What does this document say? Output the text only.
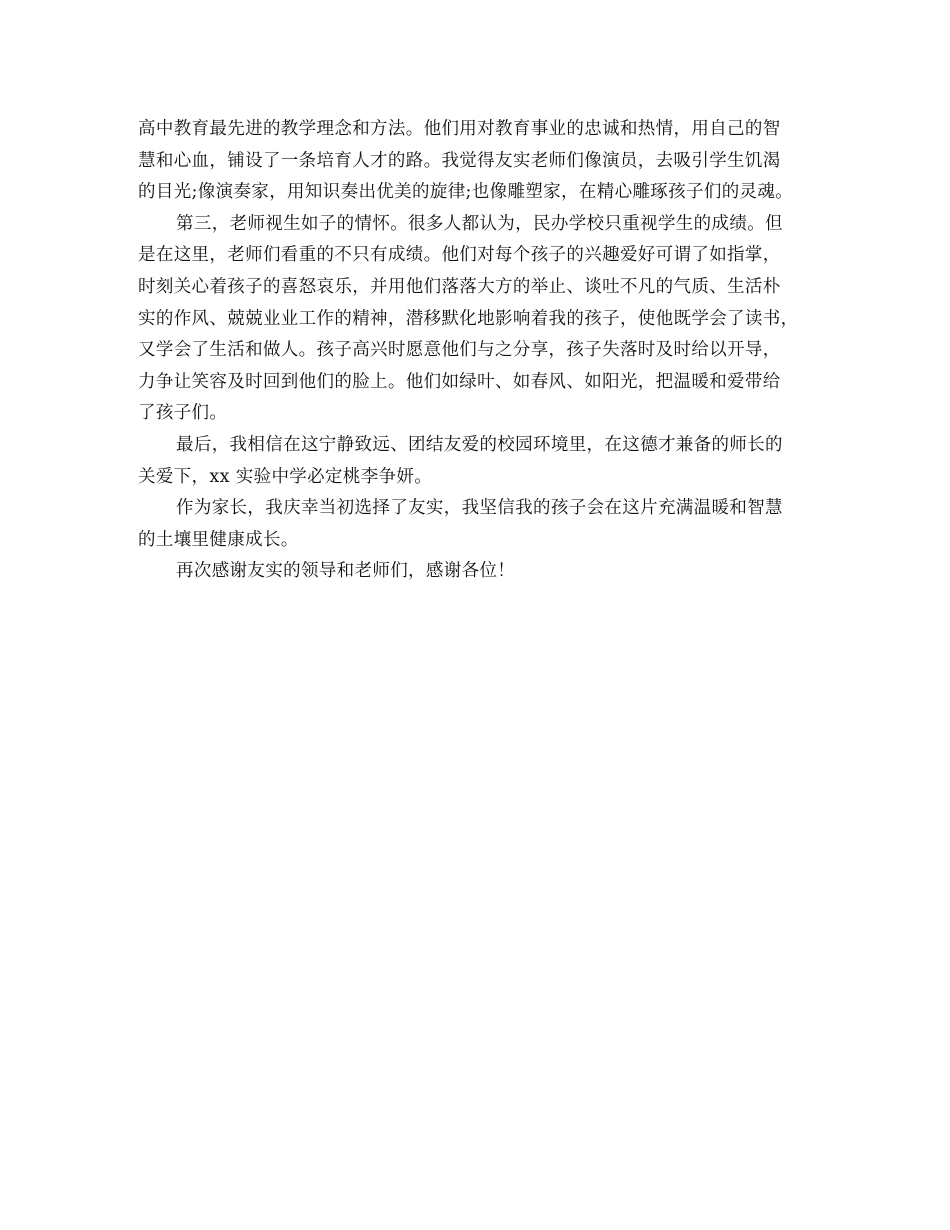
高中教育最先进的教学理念和方法。他们用对教育事业的忠诚和热情，用自己的智
慧和心血，铺设了一条培育人才的路。我觉得友实老师们像演员，去吸引学生饥渴
的目光;像演奏家，用知识奏出优美的旋律;也像雕塑家，在精心雕琢孩子们的灵魂。
第三，老师视生如子的情怀。很多人都认为，民办学校只重视学生的成绩。但
是在这里，老师们看重的不只有成绩。他们对每个孩子的兴趣爱好可谓了如指掌，
时刻关心着孩子的喜怒哀乐，并用他们落落大方的举止、谈吐不凡的气质、生活朴
实的作风、兢兢业业工作的精神，潜移默化地影响着我的孩子，使他既学会了读书，
又学会了生活和做人。孩子高兴时愿意他们与之分享，孩子失落时及时给以开导，
力争让笑容及时回到他们的脸上。他们如绿叶、如春风、如阳光，把温暖和爱带给
了孩子们。
最后，我相信在这宁静致远、团结友爱的校园环境里，在这德才兼备的师长的
关爱下，xx 实验中学必定桃李争妍。
作为家长，我庆幸当初选择了友实，我坚信我的孩子会在这片充满温暖和智慧
的土壤里健康成长。
再次感谢友实的领导和老师们，感谢各位！
